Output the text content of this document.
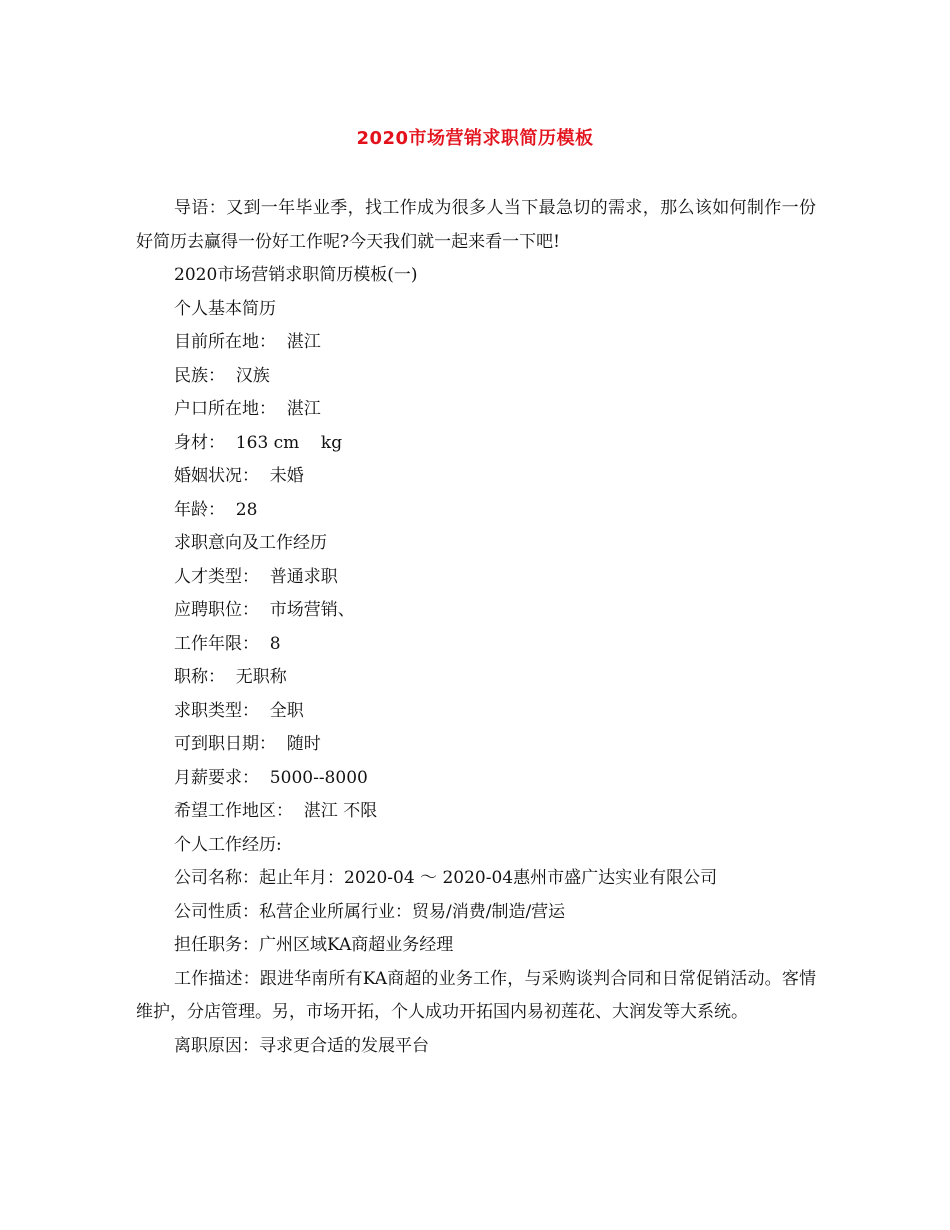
2020市场营销求职简历模板

导语：又到一年毕业季，找工作成为很多人当下最急切的需求，那么该如何制作一份好简历去赢得一份好工作呢?今天我们就一起来看一下吧!

2020市场营销求职简历模板(一)

个人基本简历

目前所在地：  湛江

民族：  汉族

户口所在地：  湛江

身材：  163 cm    kg

婚姻状况：  未婚

年龄：  28

求职意向及工作经历

人才类型：  普通求职

应聘职位：  市场营销、

工作年限：  8

职称：  无职称

求职类型：  全职

可到职日期：  随时

月薪要求：  5000--8000

希望工作地区：  湛江 不限

个人工作经历:

公司名称：起止年月：2020-04 ～ 2020-04惠州市盛广达实业有限公司

公司性质：私营企业所属行业：贸易/消费/制造/营运

担任职务：广州区域KA商超业务经理

工作描述：跟进华南所有KA商超的业务工作，与采购谈判合同和日常促销活动。客情维护，分店管理。另，市场开拓，个人成功开拓国内易初莲花、大润发等大系统。

离职原因：寻求更合适的发展平台
